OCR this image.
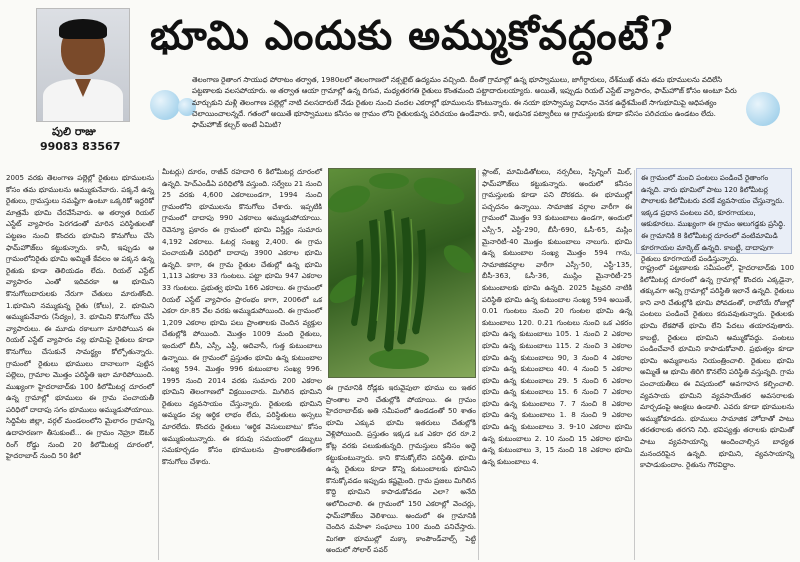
పులి రాజు
99083 83567
భూమి ఎందుకు అమ్ముకోవద్దంటే?
తెలంగాణ రైతాంగ సాయుధ పోరాటం తర్వాత, 1980లలో తెలంగాణలో నక్సలైట్ ఉద్యమం వచ్చింది. దీంతో గ్రామాల్లో ఉన్న భూస్వాములు, జాగీర్దారులు, దేశ్‌ముఖ్ తమ తమ భూములను వదిలేసి పట్టణాలకు వలసపోయారు. ఆ తర్వాత ఆయా గ్రామాల్లో ఉన్న దిగువ, మధ్యతరగతి రైతులు కొంతమంది పట్టాదారులయ్యారు. అయితే, ఇప్పుడు రియల్ ఎస్టేట్ వ్యాపారం, ఫామ్‌హౌజ్ కోసం అంటూ పేరు మార్చుకుని మళ్లీ తెలంగాణ పల్లెల్లో నాటి వలసదారులే నేడు రైతుల నుంచి వందల ఎకరాల్లో భూములను కొంటున్నారు. ఈ నయా భూస్వామ్య విధానం వెనక ఉద్దేశమేంటే సాగుభూమిపై ఆధిపత్యం చెలాయించాలన్నదే. గతంలో అయితే భూస్వాములు కనీసం ఆ గ్రామం లోని రైతులకున్న పరిచయం ఉండేవారు. కానీ, అధునిక పట్వారీలు ఆ గ్రామస్తులకు కూడా కనీసం పరిచయం ఉండటం లేదు. ఫామ్‌హౌజ్ కల్చర్ అంటే ఏమిటి?
2005 వరకు తెలంగాణ పల్లెల్లో రైతులు భూములను కోసం తమ భూములను అమ్ముకునేవారు. పక్కనే ఉన్న రైతులు, గ్రామస్తులు సమష్టిగా ఉంటూ ఒక్కరికో ఇద్దరికో మాత్రమే భూమి చేరవేసేవారు. ఆ తర్వాత రియల్ ఎస్టేట్ వ్యాపారం పెరగడంతో మారిన పరిస్థితులతో పట్టణం నుంచి కొందరు భూమిని కొనుగోలు చేసి ఫామ్‌హౌజ్‌లు కట్టుకున్నారు. కానీ, ఇప్పుడు ఆ గ్రామంలోనిరైతు భూమి అమ్మితే కేవలం ఆ పక్కన ఉన్న రైతుకు కూడా తెలియడం లేదు. రియల్ ఎస్టేట్ వ్యాపారం ఎంతో ఇదివరకా ఆ భూమిని కొనుగోలుదారులకు నేరుగా చేతులు మారుతోంది. 1.భూమిని నమ్ముకున్న రైతు (కోలు), 2. భూమిని అమ్ముకునేవారు (సేద్యం), 3. భూమిని కొనుగోలు చేసే వ్యాపారులు. ఈ మూడు రకాలుగా మారిపోయిన ఈ రియల్ ఎస్టేట్ వ్యాపారం వల్ల భూమిపై రైతులు కూడా కొనుగోలు చేసుకునే సామర్థ్యం కోల్పోతున్నారు. గ్రామంలో రైతులు భూములు దానాలుగా పుట్టిన పల్లెలు, గ్రామాల మొత్తం పరిస్థితి ఇలా మారిపోయింది. ముఖ్యంగా హైదరాబాద్‌కు 100 కిలోమీటర్ల దూరంలో ఉన్న గ్రామాల్లో భూములు ఈ గ్రామ పంచాయతీ పరిధిలో దాదాపు సగం భూములు అమ్ముడుపోయాయి. సిద్దిపేట జిల్లా, వర్గల్ మండలంలోని మైలారం గ్రామాన్ని ఉదాహరణగా తీసుకుంటే... ఈ గ్రామం నెహ్రూ ఔటర్ రింగ్ రోడ్డు నుంచి 20 కిలోమీటర్ల దూరంలో, హైదరాబాద్ నుంచి 50 కిలో
మీటర్లు) దూరం, రాజీవ్ రహదారి 6 కిలోమీటర్ల దూరంలో ఉన్నది. హెచ్ఎండీఏ పరిధిలోకి వస్తుంది. సర్వేలు 21 నుంచి 25 వరకు 4,600 ఎకరాలుండగా, 1994 నుంచి గ్రామంలోని భూములను కొనుగోలు చేశారు. ఇప్పటికి గ్రామంలో దాదాపు 990 ఎకరాలు అమ్ముడుపోయాయి. రెవెన్యూ ప్రకారం ఈ గ్రామంలో భూమి విస్తీర్ణం సుమారు 4,192 ఎకరాలు. ఓటర్ల సంఖ్య 2,400. ఈ గ్రామ పంచాయతీ పరిధిలో దాదాపు 3900 ఎకరాల భూమి ఉన్నది. కాగా, ఈ గ్రామ రైతుల చేతుల్లో ఉన్న భూమి 1,113 ఎకరాల 33 గుంటలు. పట్టా భూమి 947 ఎకరాల 33 గుంటలు. ప్రభుత్వ భూమి 166 ఎకరాలు. ఈ గ్రామంలో రియల్ ఎస్టేట్ వ్యాపారం ప్రారంభం కాగా, 2006లో ఒక ఎకరా రూ.85 వేల వరకు అమ్ముడుపోయింది. ఈ గ్రామంలో 1,209 ఎకరాల భూమి పలు ప్రాంతాలకు చెందిన వ్యక్తుల చేతుల్లోకి పోయింది. మొత్తం 1009 మంది రైతులు, ఇందులో బీసీ, ఎస్సీ, ఎస్టీ, ఆదివాసీ, గుత్త కుటుంబాలు ఉన్నాయి. ఈ గ్రామంలో ప్రస్తుతం భూమి ఉన్న కుటుంబాల సంఖ్య 594. మొత్తం 996 కుటుంబాల సంఖ్య 996. 1995 నుంచి 2014 వరకు సుమారు 200 ఎకరాల భూమిని తెలంగాణలో విక్రయించారు. మిగిలిన భూమిని రైతులు వ్యవసాయం చేస్తున్నారు. రైతులకు భూమిని అమ్మడం వల్ల ఆర్థిక లాభం లేదు, పరిస్థితులు అస్సలు మారలేదు. కొందరు రైతులు 'ఆర్థిక వెసులుబాటు' కోసం అమ్ముకుంటున్నారు. ఈ కరువు సమయంలో డబ్బులు సమకూర్చడం కోసం భూములను ప్రాంతాలకతీతంగా కొనుగోలు చేశారు.
ఈ గ్రామానికి రోడ్లకు ఇరువైపులా భూము లు ఇతర ప్రాంతాల వారి చేతుల్లోకి పోయాయి. ఈ గ్రామం హైదరాబాద్‌కు అతి సమీపంలో ఉండడంతో 50 శాతం భూమి ఎక్కువ భూమి ఇతరులు చేతుల్లోకి వెళ్లిపోయింది. ప్రస్తుతం ఇక్కడ ఒక ఎకరా ధర రూ.2 కోట్ల వరకు పలుకుతున్నది. గ్రామస్తులు కనీసం అద్దె కట్టుకుంటున్నారు. కాని కొనుక్కోలేని పరిస్థితి. భూమి ఉన్న రైతులు కూడా కొన్ని కుటుంబాలకు భూమిని కొనుక్కోవడం ఇప్పుడు కష్టమైంది. గ్రామ ప్రజలు మిగిలిన కొద్ది భూమిని కాపాడుకోవడం ఎలా? అనేది ఆలోచించాలి. ఈ గ్రామంలో 150 ఎకరాల్లో వెంచర్లు, ఫామ్‌హౌజ్‌లు వెలిశాయి. అందులో ఈ గ్రామానికి చెందిన మహిళా సంఘాలు 100 మంది పనిచేస్తారు. మిగతా భూముల్లో మక్కా కాంపౌండ్‌వాల్స్ పెట్టి అందులో సోలార్ పవర్
ప్లాంట్, మామిడితోటలు, నర్సరీలు, స్పిన్నింగ్ మిల్, ఫామ్‌హౌజ్‌లు కట్టుకున్నారు. అందులో కనీసం గ్రామస్తులకు కూడా పని దొరకదు. ఈ భూముల్లో పచ్చదనం ఉన్నాయి. సామాజిక వర్గాల వారీగా ఈ గ్రామంలో మొత్తం 93 కుటుంబాలు ఉండగా, అందులో ఎస్సీ-5, ఎస్టీ-290, బీసీ-690, ఓసీ-65, మస్లిం మైనారిటీ-40 మొత్తం కుటుంబాలు నాలుగు. భూమి ఉన్న కుటుంబాల సంఖ్య మొత్తం 594 గాను, సామాజికవర్గాల వారీగా ఎస్సీ-50, ఎస్టీ-135, బీసీ-363, ఓసీ-36, ముస్లిం మైనారిటీ-25 కుటుంబాలకు భూమి ఉన్నది. 2025 పిబ్రవరి నాటికి పరిస్థితి భూమి ఉన్న కుటుంబాల సంఖ్య 594 అయితే, 0.01 గుంటలు నుంచి 20 గుంటల భూమి ఉన్న కుటుంబాలు 120. 0.21 గుంటలు నుంచి ఒక ఎకరం భూమి ఉన్న కుటుంబాలు 105. 1 నుంచి 2 ఎకరాల భూమి ఉన్న కుటుంబాలు 115. 2 నుంచి 3 ఎకరాల భూమి ఉన్న కుటుంబాలు 90, 3 నుంచి 4 ఎకరాల భూమి ఉన్న కుటుంబాలు 40. 4 నుంచి 5 ఎకరాల భూమి ఉన్న కుటుంబాలు 29. 5 నుంచి 6 ఎకరాల భూమి ఉన్న కుటుంబాలు 15. 6 నుంచి 7 ఎకరాల భూమి ఉన్న కుటుంబాలు 7. 7 నుంచి 8 ఎకరాల భూమి ఉన్న కుటుంబాలు 1. 8 నుంచి 9 ఎకరాల భూమి ఉన్న కుటుంబాలు 3. 9-10 ఎకరాల భూమి ఉన్న కుటుంబాలు 2. 10 నుంచి 15 ఎకరాల భూమి ఉన్న కుటుంబాలు 3, 15 నుంచి 18 ఎకరాల భూమి ఉన్న కుటుంబాలు 4.
ఈ గ్రామంలో మంచి పంటలు పండించే రైతాంగం ఉన్నది. వారు భూమిలో పాటు 120 కిలోమీటర్ల పొలాలకు కిలోమీటరు వరకే వ్యవసాయం చేస్తున్నారు. ఇక్కడ ప్రధాన పంటలు వరి, కూరగాయలు, ఆకుకూరలు. ముఖ్యంగా ఈ గ్రామం ఆలుగడ్డకు ప్రసిద్ధి. ఈ గ్రామానికి 8 కిలోమీటర్ల దూరంలో వంటిమామిడి కూరగాయల మార్కెట్ ఉన్నది. కాబట్టి, దాదాపుగా రైతులు కూరగాయలే పండిస్తున్నారు.
రాష్ట్రంలో పట్టణాలకు సమీపంలో, హైదరాబాద్‌కు 100 కిలోమీటర్ల దూరంలో ఉన్న గ్రామాల్లో కొందరు ఎక్కడైనా, తక్కువగా అన్ని గ్రామాల్లో పరిస్థితి ఇలానే ఉన్నది. రైతులు కాని వారి చేతుల్లోకి భూమి పోవడంతో, రాబోయే రోజుల్లో పంటలు పండించే రైతులు కరువవుతున్నారు. రైతులకు భూమి లేకపోతే భూమి లేని పేదలు తయారవుతారు. కాబట్టి, రైతులు భూమిని అమ్ముకోవద్దు. పంటలు పండించేవారే భూమిని కాపాడుకోవాలి. ప్రభుత్వం కూడా భూమి అమ్మకాలను నియంత్రించాలి. రైతులు భూమి అమ్మితే ఆ భూమి తిరిగి కొనలేని పరిస్థితి వస్తున్నది. గ్రామ పంచాయతీలు ఈ విషయంలో అవగాహన కల్పించాలి. వ్యవసాయ భూమిని వ్యవసాయేతర అవసరాలకు మార్చడంపై ఆంక్షలు ఉండాలి. ఎవరు కూడా భూములను అమ్ముకోకూడదు. భూములు సామాజిక హోదాతో పాటు తరతరాలకు తరగని నిధి. భవిష్యత్తు తరాలకు భూమితో పాటు వ్యవసాయాన్ని అందించాల్సిన బాధ్యత మనందరిపైన ఉన్నది. భూమిని, వ్యవసాయాన్ని కాపాడుకుందాం. రైతును గౌరవిద్దాం.
